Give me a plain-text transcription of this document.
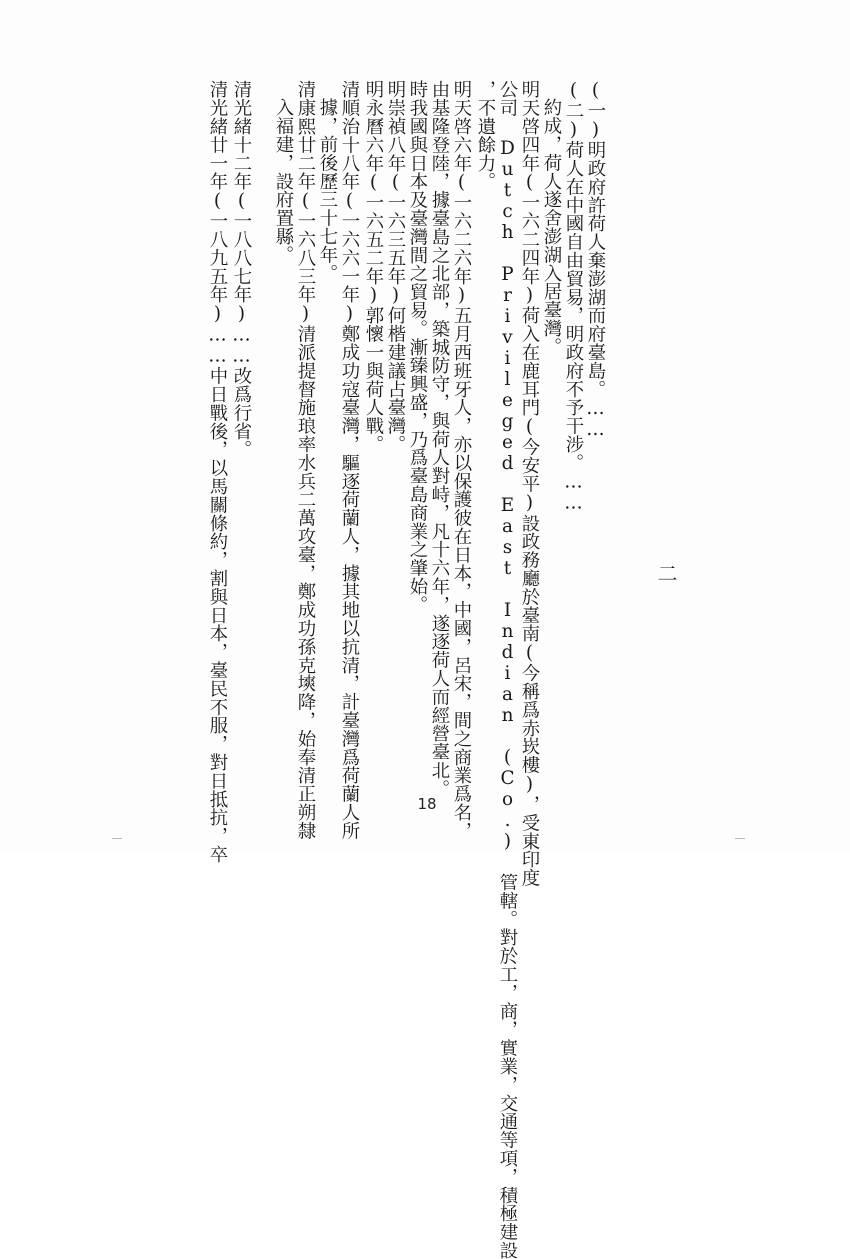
(一)明政府許荷人棄澎湖而府臺島。……
(二)荷人在中國自由貿易，明政府不予干涉。……
約成，荷人遂舍澎湖入居臺灣。
明天啓四年(一六二四年)荷入在鹿耳門(今安平)設政務廳於臺南(今稱爲赤崁樓)，受東印度
公司 Dutch Privileged East Indian (Co.) 管轄。對於工，商，實業，交通等項，積極建設
，不遺餘力。
明天啓六年(一六二六年)五月西班牙人，亦以保護彼在日本，中國，呂宋，間之商業爲名，
由基隆登陸，據臺島之北部，築城防守，與荷人對峙，凡十六年，遂逐荷人而經營臺北。
時我國與日本及臺灣間之貿易。漸臻興盛，乃爲臺島商業之肇始。
明崇禎八年(一六三五年)何楷建議占臺灣。
明永曆六年(一六五二年)郭懷一與荷人戰。
清順治十八年(一六六一年)鄭成功寇臺灣，驅逐荷蘭人，據其地以抗清，計臺灣爲荷蘭人所
據，前後歷三十七年。
清康熙廿二年(一六八三年)清派提督施琅率水兵二萬攻臺，鄭成功孫克塽降，始奉清正朔隸
入福建，設府置縣。
清光緒十二年(一八八七年)……改爲行省。
清光緒廿一年(一八九五年)……中日戰後，以馬關條約，割與日本，臺民不服，對日抵抗，卒	二
18
